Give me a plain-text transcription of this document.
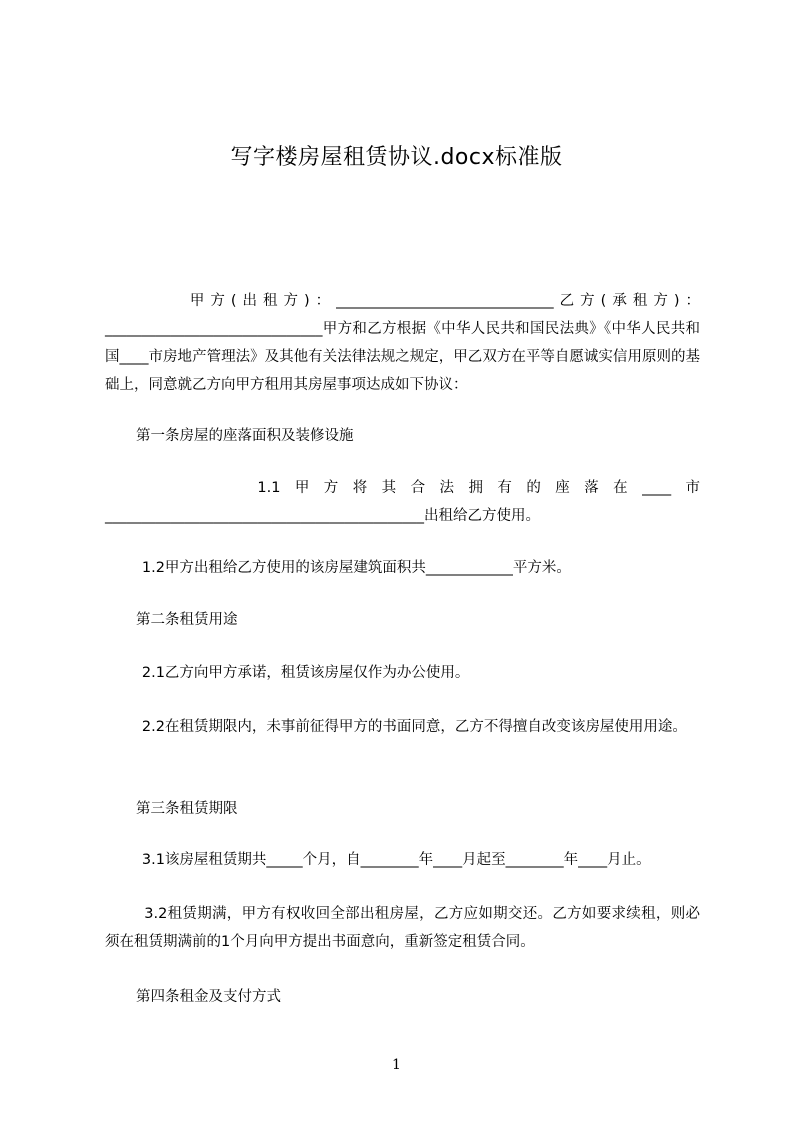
写字楼房屋租赁协议.docx标准版
甲方(出租方)：______________________________乙方(承租方)：______________________________甲方和乙方根据《中华人民共和国民法典》《中华人民共和国____市房地产管理法》及其他有关法律法规之规定，甲乙双方在平等自愿诚实信用原则的基础上，同意就乙方向甲方租用其房屋事项达成如下协议：
第一条房屋的座落面积及装修设施
1.1甲方将其合法拥有的座落在____市____________________________________________出租给乙方使用。
1.2甲方出租给乙方使用的该房屋建筑面积共____________平方米。
第二条租赁用途
2.1乙方向甲方承诺，租赁该房屋仅作为办公使用。
2.2在租赁期限内，未事前征得甲方的书面同意，乙方不得擅自改变该房屋使用用途。
第三条租赁期限
3.1该房屋租赁期共_____个月，自________年____月起至________年____月止。
3.2租赁期满，甲方有权收回全部出租房屋，乙方应如期交还。乙方如要求续租，则必须在租赁期满前的1个月向甲方提出书面意向，重新签定租赁合同。
第四条租金及支付方式
1
